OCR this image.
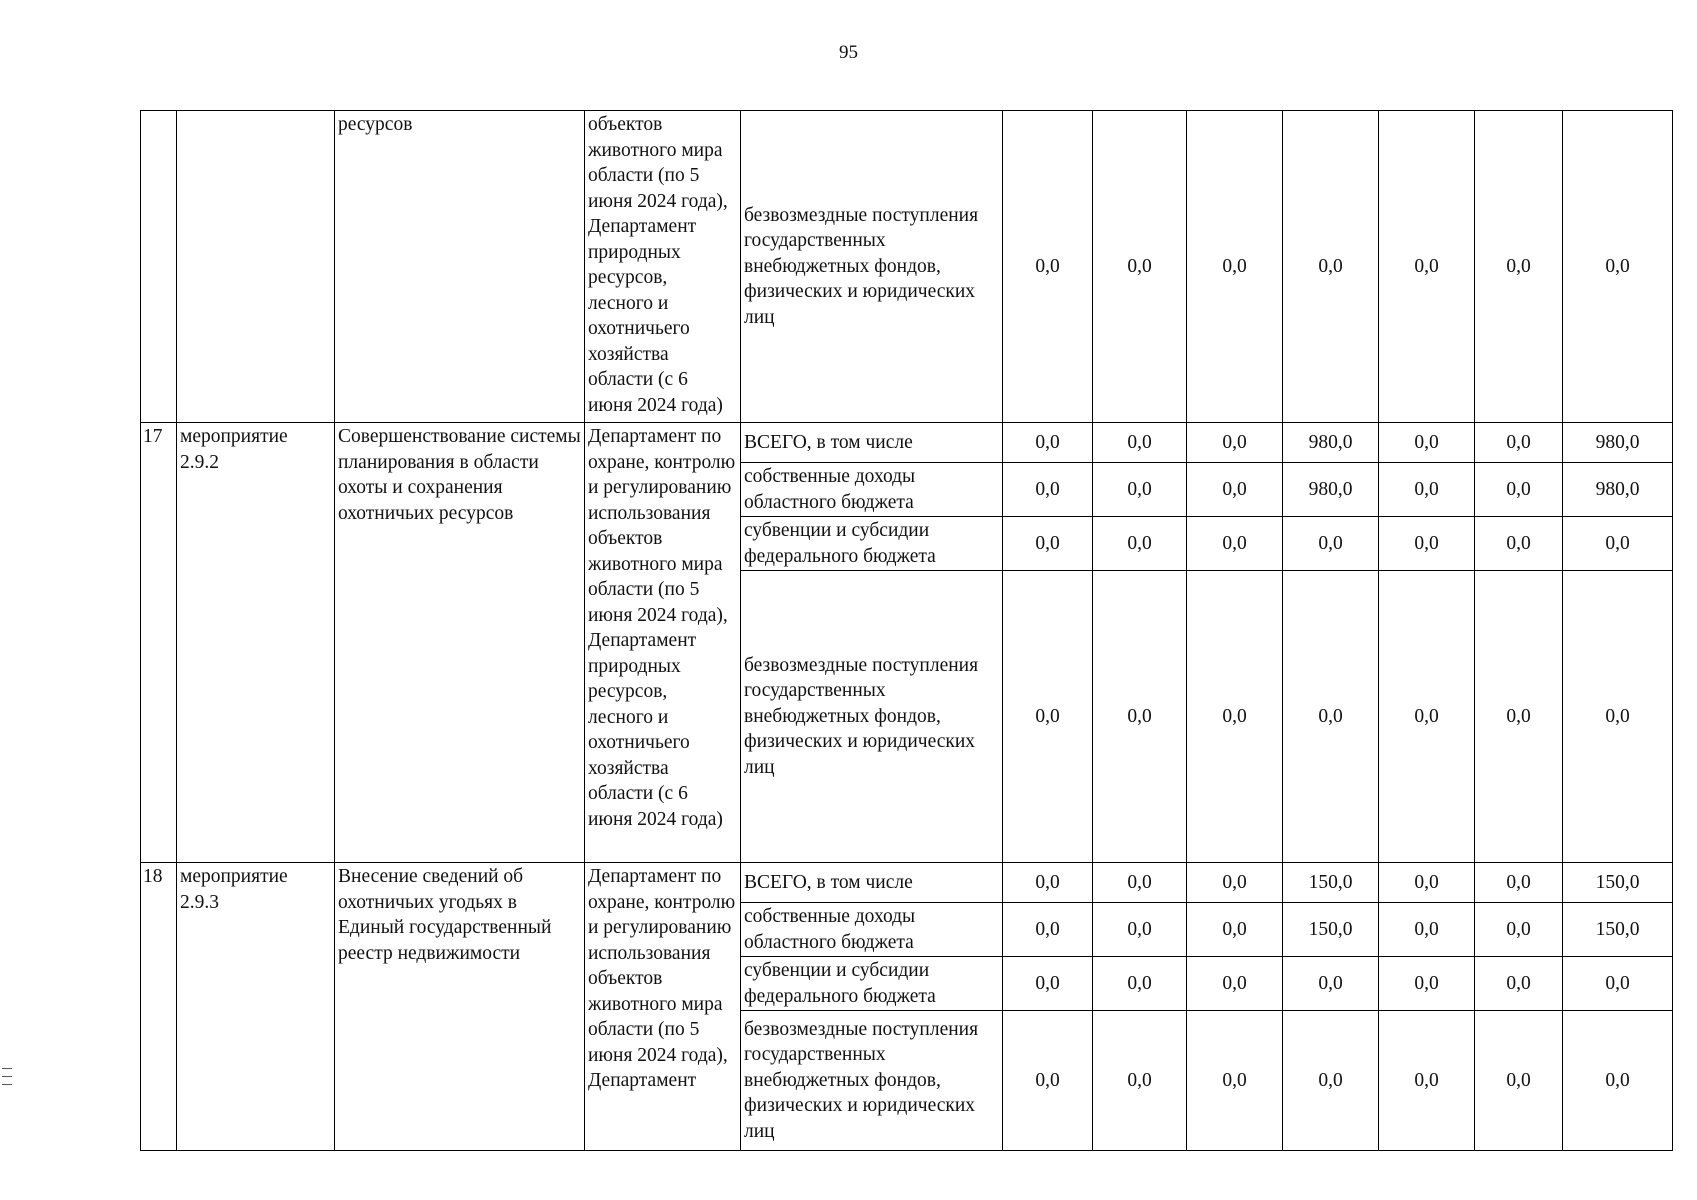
95
		ресурсов	объектов животного мира области (по 5 июня 2024 года), Департамент природных ресурсов, лесного и охотничьего хозяйства области (с 6 июня 2024 года)	безвозмездные поступления государственных внебюджетных фондов, физических и юридических лиц	0,0	0,0	0,0	0,0	0,0	0,0	0,0
17	мероприятие 2.9.2	Совершенствование системы планирования в области охоты и сохранения охотничьих ресурсов	Департамент по охране, контролю и регулированию использования объектов животного мира области (по 5 июня 2024 года), Департамент природных ресурсов, лесного и охотничьего хозяйства области (с 6 июня 2024 года)	ВСЕГО, в том числе	0,0	0,0	0,0	980,0	0,0	0,0	980,0
				собственные доходы областного бюджета	0,0	0,0	0,0	980,0	0,0	0,0	980,0
				субвенции и субсидии федерального бюджета	0,0	0,0	0,0	0,0	0,0	0,0	0,0
				безвозмездные поступления государственных внебюджетных фондов, физических и юридических лиц	0,0	0,0	0,0	0,0	0,0	0,0	0,0
18	мероприятие 2.9.3	Внесение сведений об охотничьих угодьях в Единый государственный реестр недвижимости	Департамент по охране, контролю и регулированию использования объектов животного мира области (по 5 июня 2024 года), Департамент	ВСЕГО, в том числе	0,0	0,0	0,0	150,0	0,0	0,0	150,0
				собственные доходы областного бюджета	0,0	0,0	0,0	150,0	0,0	0,0	150,0
				субвенции и субсидии федерального бюджета	0,0	0,0	0,0	0,0	0,0	0,0	0,0
				безвозмездные поступления государственных внебюджетных фондов, физических и юридических лиц	0,0	0,0	0,0	0,0	0,0	0,0	0,0
